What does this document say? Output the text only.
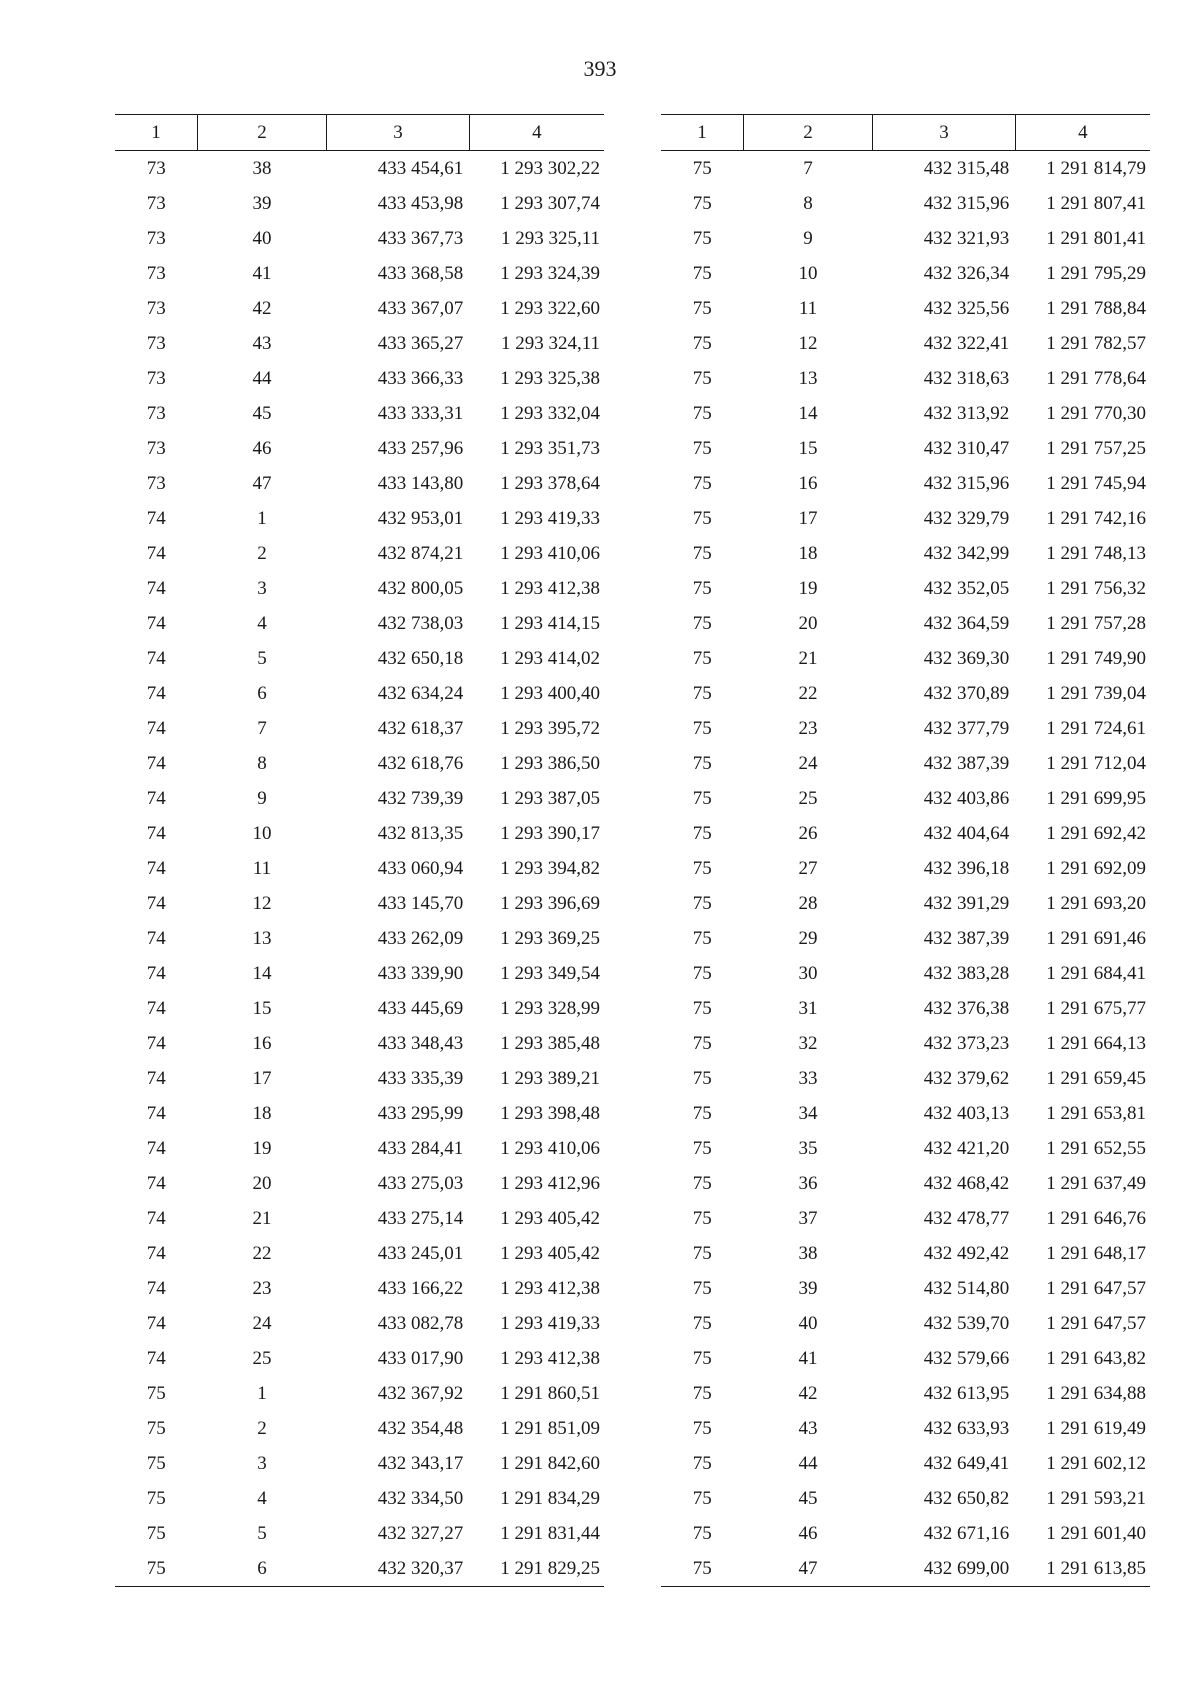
393
1	2	3	4
73	38	433 454,61	1 293 302,22
73	39	433 453,98	1 293 307,74
73	40	433 367,73	1 293 325,11
73	41	433 368,58	1 293 324,39
73	42	433 367,07	1 293 322,60
73	43	433 365,27	1 293 324,11
73	44	433 366,33	1 293 325,38
73	45	433 333,31	1 293 332,04
73	46	433 257,96	1 293 351,73
73	47	433 143,80	1 293 378,64
74	1	432 953,01	1 293 419,33
74	2	432 874,21	1 293 410,06
74	3	432 800,05	1 293 412,38
74	4	432 738,03	1 293 414,15
74	5	432 650,18	1 293 414,02
74	6	432 634,24	1 293 400,40
74	7	432 618,37	1 293 395,72
74	8	432 618,76	1 293 386,50
74	9	432 739,39	1 293 387,05
74	10	432 813,35	1 293 390,17
74	11	433 060,94	1 293 394,82
74	12	433 145,70	1 293 396,69
74	13	433 262,09	1 293 369,25
74	14	433 339,90	1 293 349,54
74	15	433 445,69	1 293 328,99
74	16	433 348,43	1 293 385,48
74	17	433 335,39	1 293 389,21
74	18	433 295,99	1 293 398,48
74	19	433 284,41	1 293 410,06
74	20	433 275,03	1 293 412,96
74	21	433 275,14	1 293 405,42
74	22	433 245,01	1 293 405,42
74	23	433 166,22	1 293 412,38
74	24	433 082,78	1 293 419,33
74	25	433 017,90	1 293 412,38
75	1	432 367,92	1 291 860,51
75	2	432 354,48	1 291 851,09
75	3	432 343,17	1 291 842,60
75	4	432 334,50	1 291 834,29
75	5	432 327,27	1 291 831,44
75	6	432 320,37	1 291 829,25
1	2	3	4
75	7	432 315,48	1 291 814,79
75	8	432 315,96	1 291 807,41
75	9	432 321,93	1 291 801,41
75	10	432 326,34	1 291 795,29
75	11	432 325,56	1 291 788,84
75	12	432 322,41	1 291 782,57
75	13	432 318,63	1 291 778,64
75	14	432 313,92	1 291 770,30
75	15	432 310,47	1 291 757,25
75	16	432 315,96	1 291 745,94
75	17	432 329,79	1 291 742,16
75	18	432 342,99	1 291 748,13
75	19	432 352,05	1 291 756,32
75	20	432 364,59	1 291 757,28
75	21	432 369,30	1 291 749,90
75	22	432 370,89	1 291 739,04
75	23	432 377,79	1 291 724,61
75	24	432 387,39	1 291 712,04
75	25	432 403,86	1 291 699,95
75	26	432 404,64	1 291 692,42
75	27	432 396,18	1 291 692,09
75	28	432 391,29	1 291 693,20
75	29	432 387,39	1 291 691,46
75	30	432 383,28	1 291 684,41
75	31	432 376,38	1 291 675,77
75	32	432 373,23	1 291 664,13
75	33	432 379,62	1 291 659,45
75	34	432 403,13	1 291 653,81
75	35	432 421,20	1 291 652,55
75	36	432 468,42	1 291 637,49
75	37	432 478,77	1 291 646,76
75	38	432 492,42	1 291 648,17
75	39	432 514,80	1 291 647,57
75	40	432 539,70	1 291 647,57
75	41	432 579,66	1 291 643,82
75	42	432 613,95	1 291 634,88
75	43	432 633,93	1 291 619,49
75	44	432 649,41	1 291 602,12
75	45	432 650,82	1 291 593,21
75	46	432 671,16	1 291 601,40
75	47	432 699,00	1 291 613,85
